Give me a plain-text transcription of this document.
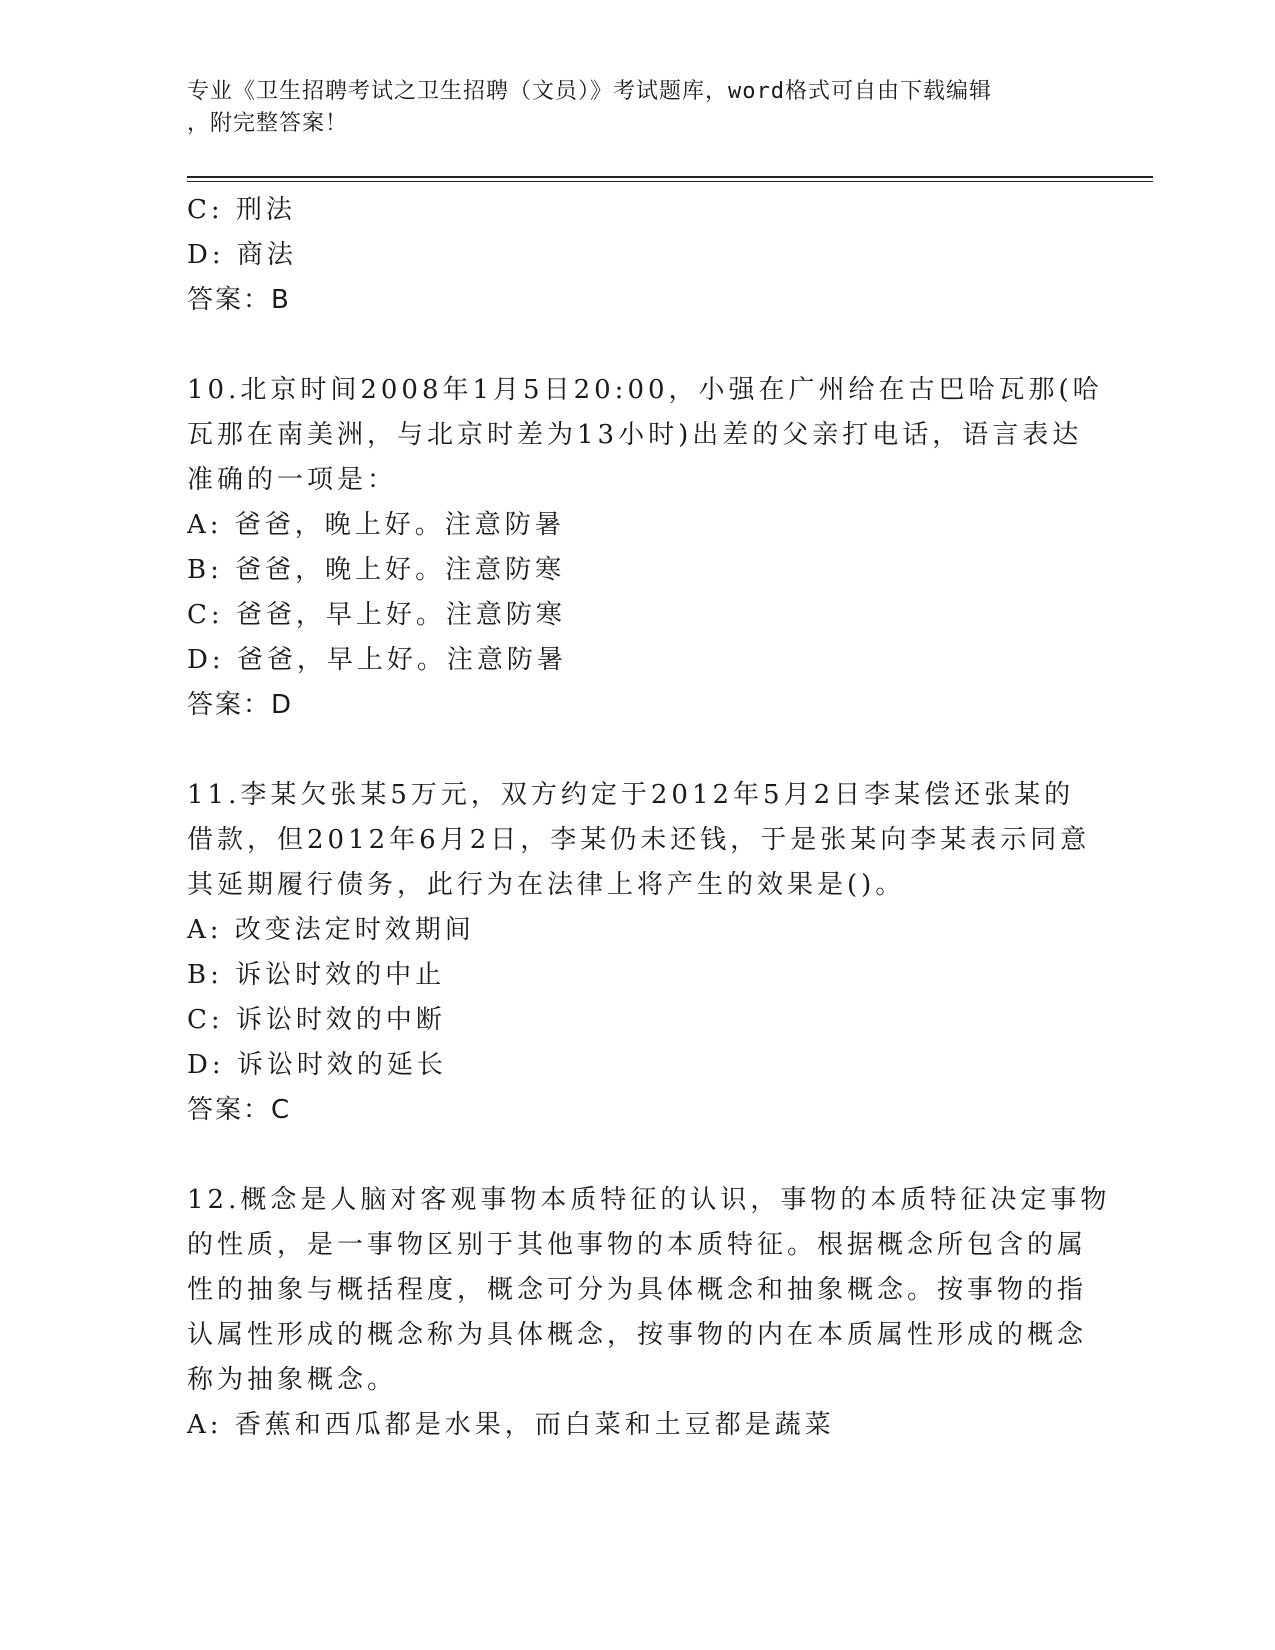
专业《卫生招聘考试之卫生招聘（文员）》考试题库，word格式可自由下载编辑
，附完整答案！
C: 刑法
D: 商法
答案：B
10.北京时间2008年1月5日20:00，小强在广州给在古巴哈瓦那(哈
瓦那在南美洲，与北京时差为13小时)出差的父亲打电话，语言表达
准确的一项是：
A: 爸爸，晚上好。注意防暑
B: 爸爸，晚上好。注意防寒
C: 爸爸，早上好。注意防寒
D: 爸爸，早上好。注意防暑
答案：D
11.李某欠张某5万元，双方约定于2012年5月2日李某偿还张某的
借款，但2012年6月2日，李某仍未还钱，于是张某向李某表示同意
其延期履行债务，此行为在法律上将产生的效果是()。
A: 改变法定时效期间
B: 诉讼时效的中止
C: 诉讼时效的中断
D: 诉讼时效的延长
答案：C
12.概念是人脑对客观事物本质特征的认识，事物的本质特征决定事物
的性质，是一事物区别于其他事物的本质特征。根据概念所包含的属
性的抽象与概括程度，概念可分为具体概念和抽象概念。按事物的指
认属性形成的概念称为具体概念，按事物的内在本质属性形成的概念
称为抽象概念。
A: 香蕉和西瓜都是水果，而白菜和土豆都是蔬菜
